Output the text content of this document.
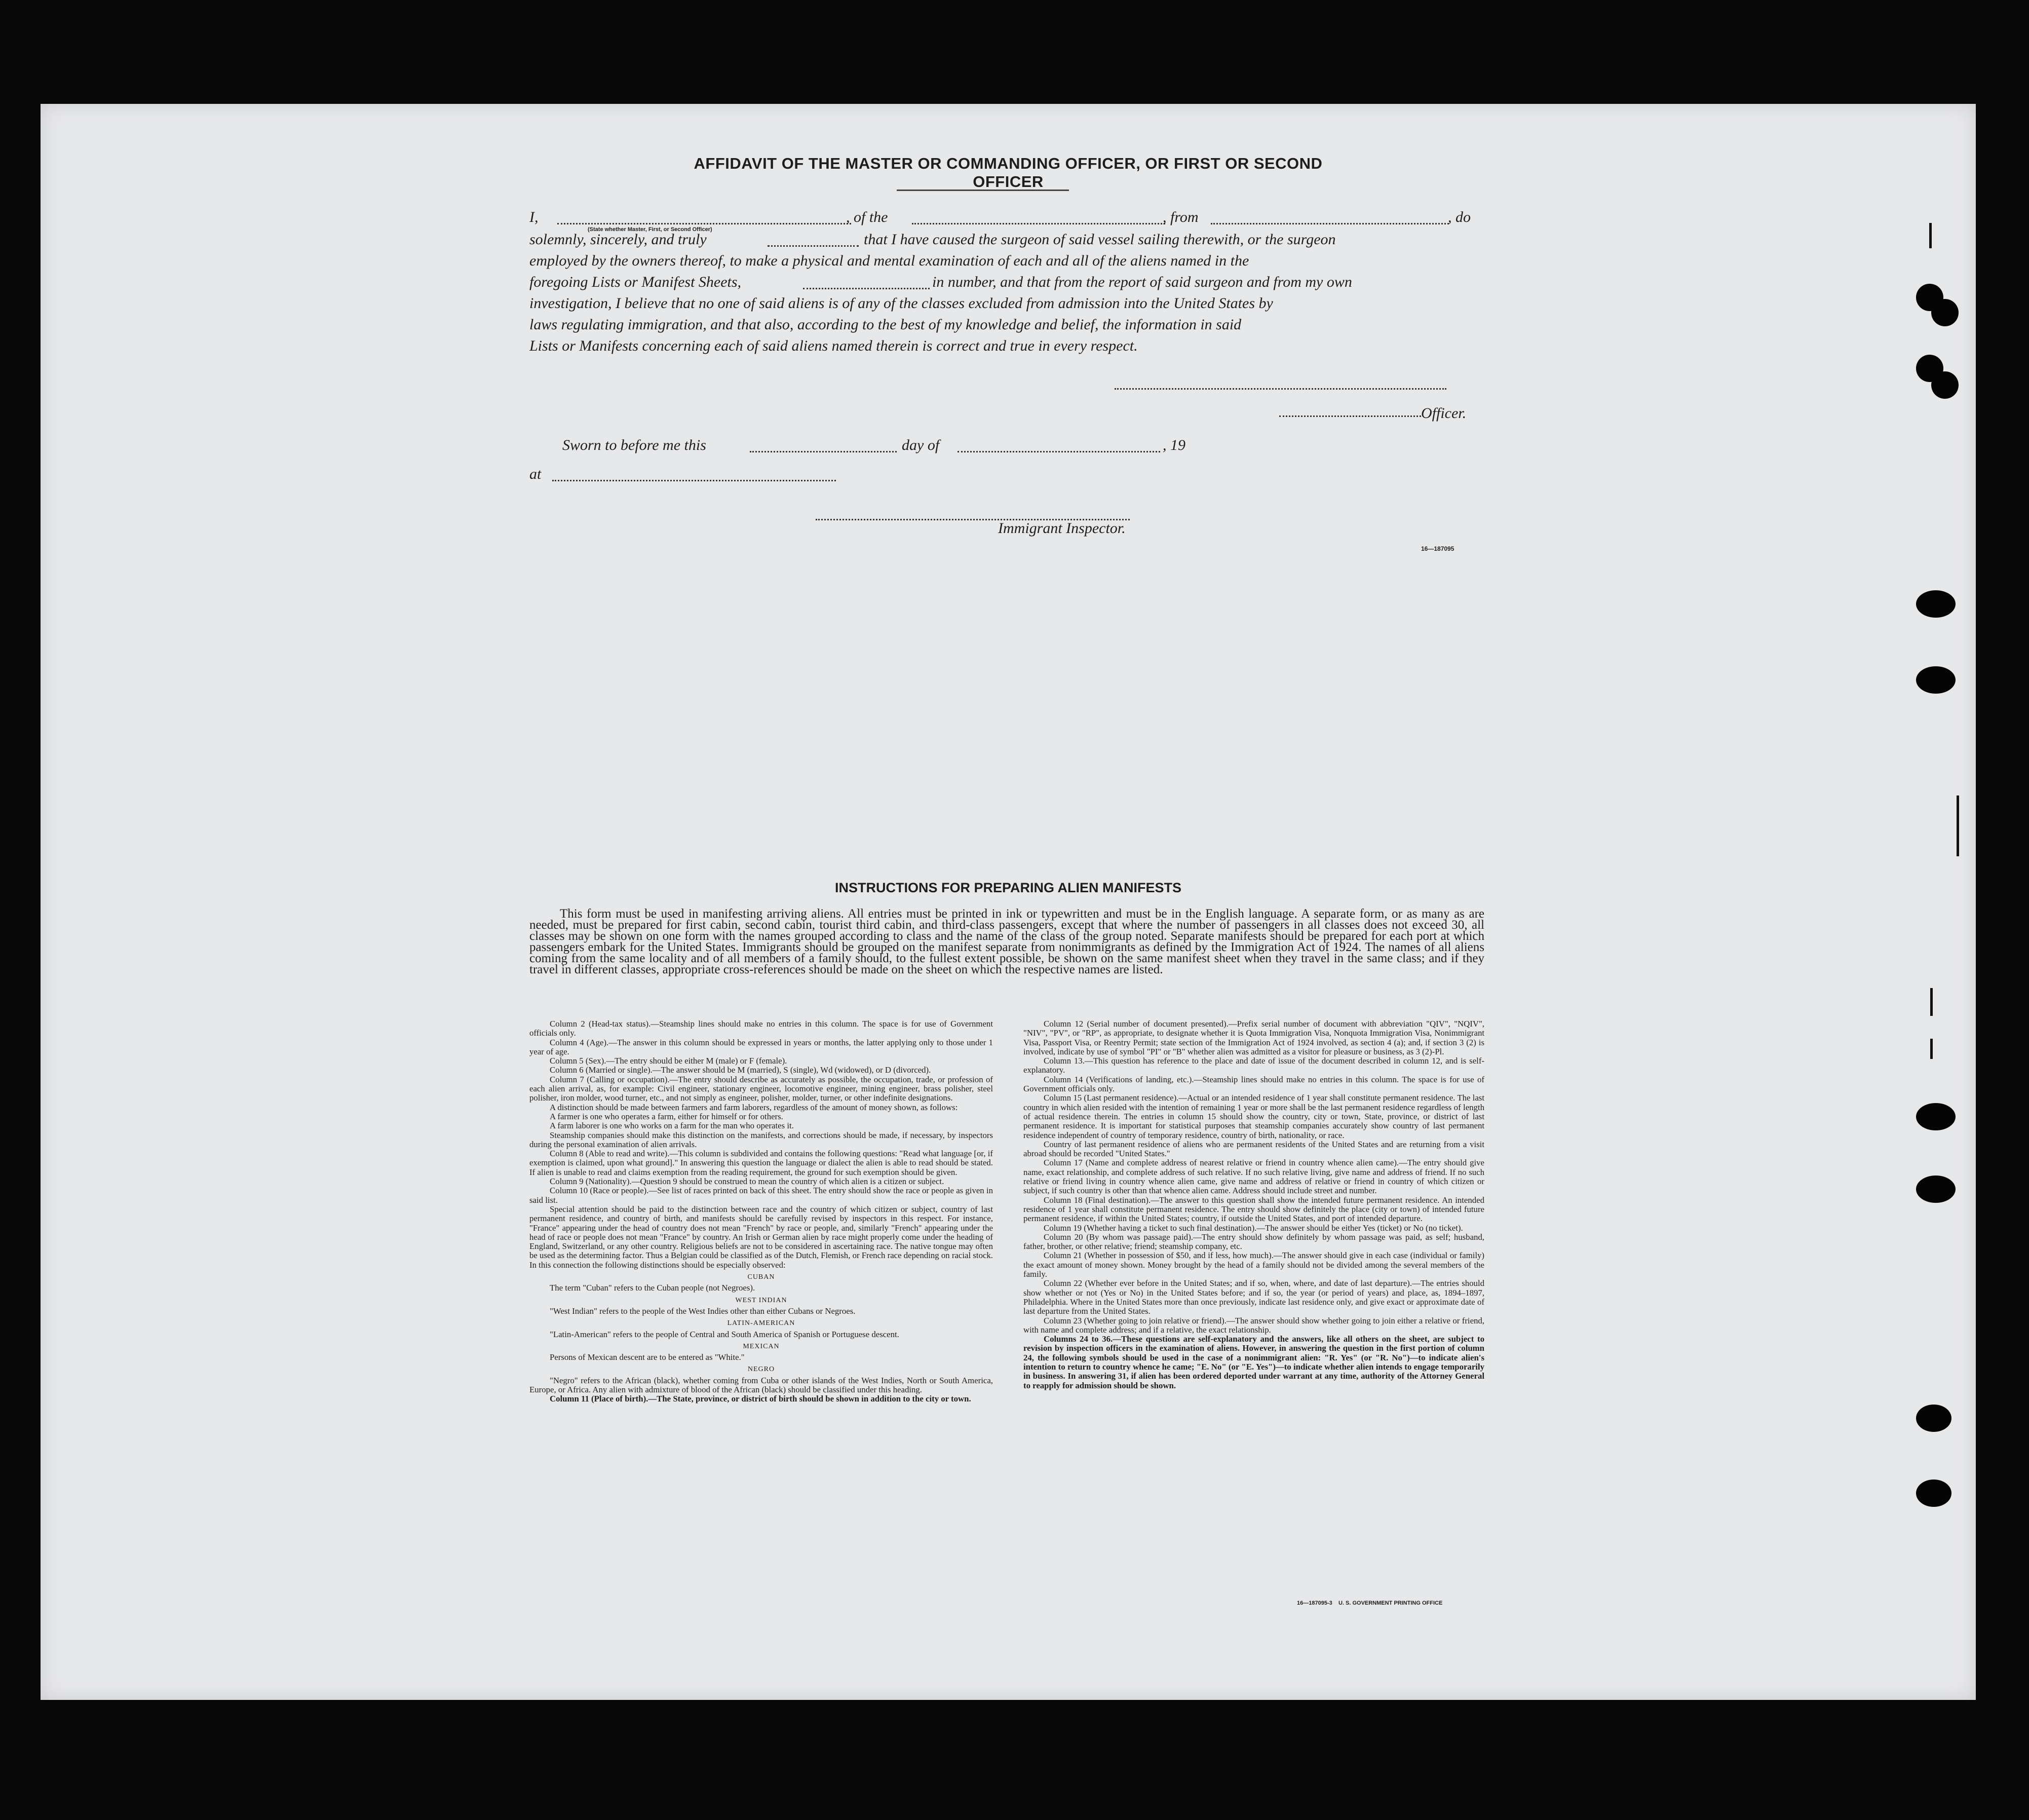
AFFIDAVIT OF THE MASTER OR COMMANDING OFFICER, OR FIRST OR SECOND OFFICER
I,
(State whether Master, First, or Second Officer)
, of the	, from	, do
solemnly, sincerely, and truly	that I have caused the surgeon of said vessel sailing therewith, or the surgeon
employed by the owners thereof, to make a physical and mental examination of each and all of the aliens named in the
foregoing Lists or Manifest Sheets,	in number, and that from the report of said surgeon and from my own
investigation, I believe that no one of said aliens is of any of the classes excluded from admission into the United States by
laws regulating immigration, and that also, according to the best of my knowledge and belief, the information in said
Lists or Manifests concerning each of said aliens named therein is correct and true in every respect.
Officer.
Sworn to before me this	day of	, 19
at
Immigrant Inspector.
16—187095
INSTRUCTIONS FOR PREPARING ALIEN MANIFESTS
This form must be used in manifesting arriving aliens. All entries must be printed in ink or typewritten and must be in the English language. A separate form, or as many as are needed, must be prepared for first cabin, second cabin, tourist third cabin, and third-class passengers, except that where the number of passengers in all classes does not exceed 30, all classes may be shown on one form with the names grouped according to class and the name of the class of the group noted. Separate manifests should be prepared for each port at which passengers embark for the United States. Immigrants should be grouped on the manifest separate from nonimmigrants as defined by the Immigration Act of 1924. The names of all aliens coming from the same locality and of all members of a family should, to the fullest extent possible, be shown on the same manifest sheet when they travel in the same class; and if they travel in different classes, appropriate cross-references should be made on the sheet on which the respective names are listed.

Column 2 (Head-tax status).—Steamship lines should make no entries in this column. The space is for use of Government officials only.

Column 4 (Age).—The answer in this column should be expressed in years or months, the latter applying only to those under 1 year of age.

Column 5 (Sex).—The entry should be either M (male) or F (female).

Column 6 (Married or single).—The answer should be M (married), S (single), Wd (widowed), or D (divorced).

Column 7 (Calling or occupation).—The entry should describe as accurately as possible, the occupation, trade, or profession of each alien arrival, as, for example: Civil engineer, stationary engineer, locomotive engineer, mining engineer, brass polisher, steel polisher, iron molder, wood turner, etc., and not simply as engineer, polisher, molder, turner, or other indefinite designations.

A distinction should be made between farmers and farm laborers, regardless of the amount of money shown, as follows:

A farmer is one who operates a farm, either for himself or for others.

A farm laborer is one who works on a farm for the man who operates it.

Steamship companies should make this distinction on the manifests, and corrections should be made, if necessary, by inspectors during the personal examination of alien arrivals.

Column 8 (Able to read and write).—This column is subdivided and contains the following questions: "Read what language [or, if exemption is claimed, upon what ground]." In answering this question the language or dialect the alien is able to read should be stated. If alien is unable to read and claims exemption from the reading requirement, the ground for such exemption should be given.

Column 9 (Nationality).—Question 9 should be construed to mean the country of which alien is a citizen or subject.

Column 10 (Race or people).—See list of races printed on back of this sheet. The entry should show the race or people as given in said list.

Special attention should be paid to the distinction between race and the country of which citizen or subject, country of last permanent residence, and country of birth, and manifests should be carefully revised by inspectors in this respect. For instance, "France" appearing under the head of country does not mean "French" by race or people, and, similarly "French" appearing under the head of race or people does not mean "France" by country. An Irish or German alien by race might properly come under the heading of England, Switzerland, or any other country. Religious beliefs are not to be considered in ascertaining race. The native tongue may often be used as the determining factor. Thus a Belgian could be classified as of the Dutch, Flemish, or French race depending on racial stock. In this connection the following distinctions should be especially observed:

CUBAN

The term "Cuban" refers to the Cuban people (not Negroes).

WEST INDIAN

"West Indian" refers to the people of the West Indies other than either Cubans or Negroes.

LATIN-AMERICAN

"Latin-American" refers to the people of Central and South America of Spanish or Portuguese descent.

MEXICAN

Persons of Mexican descent are to be entered as "White."

NEGRO

"Negro" refers to the African (black), whether coming from Cuba or other islands of the West Indies, North or South America, Europe, or Africa. Any alien with admixture of blood of the African (black) should be classified under this heading.

Column 11 (Place of birth).—The State, province, or district of birth should be shown in addition to the city or town.

Column 12 (Serial number of document presented).—Prefix serial number of document with abbreviation "QIV", "NQIV", "NIV", "PV", or "RP", as appropriate, to designate whether it is Quota Immigration Visa, Nonquota Immigration Visa, Nonimmigrant Visa, Passport Visa, or Reentry Permit; state section of the Immigration Act of 1924 involved, as section 4 (a); and, if section 3 (2) is involved, indicate by use of symbol "PI" or "B" whether alien was admitted as a visitor for pleasure or business, as 3 (2)-Pl.

Column 13.—This question has reference to the place and date of issue of the document described in column 12, and is self-explanatory.

Column 14 (Verifications of landing, etc.).—Steamship lines should make no entries in this column. The space is for use of Government officials only.

Column 15 (Last permanent residence).—Actual or an intended residence of 1 year shall constitute permanent residence. The last country in which alien resided with the intention of remaining 1 year or more shall be the last permanent residence regardless of length of actual residence therein. The entries in column 15 should show the country, city or town, State, province, or district of last permanent residence. It is important for statistical purposes that steamship companies accurately show country of last permanent residence independent of country of temporary residence, country of birth, nationality, or race.

Country of last permanent residence of aliens who are permanent residents of the United States and are returning from a visit abroad should be recorded "United States."

Column 17 (Name and complete address of nearest relative or friend in country whence alien came).—The entry should give name, exact relationship, and complete address of such relative. If no such relative living, give name and address of friend. If no such relative or friend living in country whence alien came, give name and address of relative or friend in country of which citizen or subject, if such country is other than that whence alien came. Address should include street and number.

Column 18 (Final destination).—The answer to this question shall show the intended future permanent residence. An intended residence of 1 year shall constitute permanent residence. The entry should show definitely the place (city or town) of intended future permanent residence, if within the United States; country, if outside the United States, and port of intended departure.

Column 19 (Whether having a ticket to such final destination).—The answer should be either Yes (ticket) or No (no ticket).

Column 20 (By whom was passage paid).—The entry should show definitely by whom passage was paid, as self; husband, father, brother, or other relative; friend; steamship company, etc.

Column 21 (Whether in possession of $50, and if less, how much).—The answer should give in each case (individual or family) the exact amount of money shown. Money brought by the head of a family should not be divided among the several members of the family.

Column 22 (Whether ever before in the United States; and if so, when, where, and date of last departure).—The entries should show whether or not (Yes or No) in the United States before; and if so, the year (or period of years) and place, as, 1894–1897, Philadelphia. Where in the United States more than once previously, indicate last residence only, and give exact or approximate date of last departure from the United States.

Column 23 (Whether going to join relative or friend).—The answer should show whether going to join either a relative or friend, with name and complete address; and if a relative, the exact relationship.

Columns 24 to 36.—These questions are self-explanatory and the answers, like all others on the sheet, are subject to revision by inspection officers in the examination of aliens. However, in answering the question in the first portion of column 24, the following symbols should be used in the case of a nonimmigrant alien: "R. Yes" (or "R. No")—to indicate alien's intention to return to country whence he came; "E. No" (or "E. Yes")—to indicate whether alien intends to engage temporarily in business. In answering 31, if alien has been ordered deported under warrant at any time, authority of the Attorney General to reapply for admission should be shown.

16—187095-3    U. S. GOVERNMENT PRINTING OFFICE
